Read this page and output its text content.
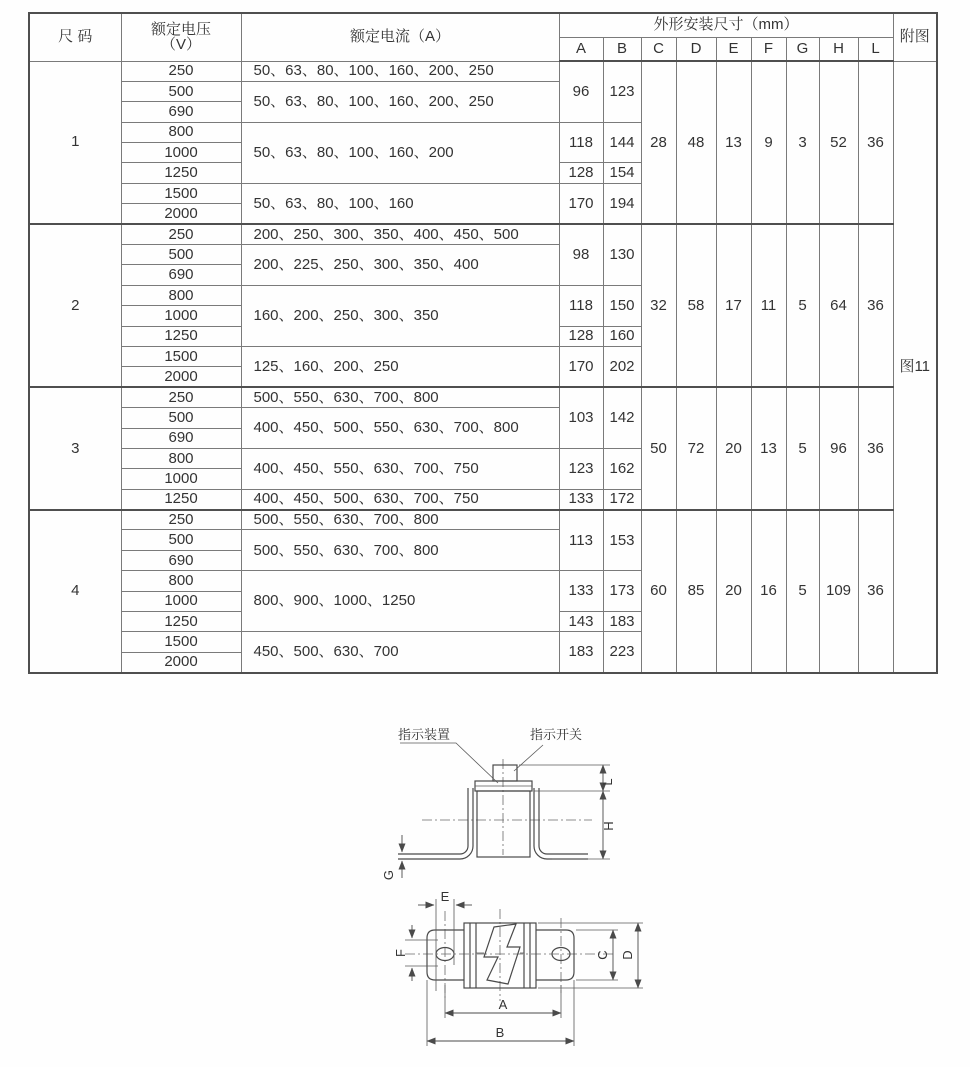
尺 码	额定电压
（V）	额定电流（A）	外形安装尺寸（mm）									附图
			A	B	C	D	E	F	G	H	L	
1	250	50、63、80、100、160、200、250	96	123	28	48	13	9	3	52	36	图11
	500	50、63、80、100、160、200、250										
	690											
	800	50、63、80、100、160、200	118	144								
	1000											
	1250		128	154								
	1500	50、63、80、100、160	170	194								
	2000											
2	250	200、250、300、350、400、450、500	98	130	32	58	17	11	5	64	36	
	500	200、225、250、300、350、400										
	690											
	800	160、200、250、300、350	118	150								
	1000											
	1250		128	160								
	1500	125、160、200、250	170	202								
	2000											
3	250	500、550、630、700、800	103	142	50	72	20	13	5	96	36	
	500	400、450、500、550、630、700、800										
	690											
	800	400、450、550、630、700、750	123	162								
	1000											
	1250	400、450、500、630、700、750	133	172								
4	250	500、550、630、700、800	113	153	60	85	20	16	5	109	36	
	500	500、550、630、700、800										
	690											
	800	800、900、1000、1250	133	173								
	1000											
	1250		143	183								
	1500	450、500、630、700	183	223								
	2000											
指示装置	指示开关
L
H
G
E
F	C D
A
B
